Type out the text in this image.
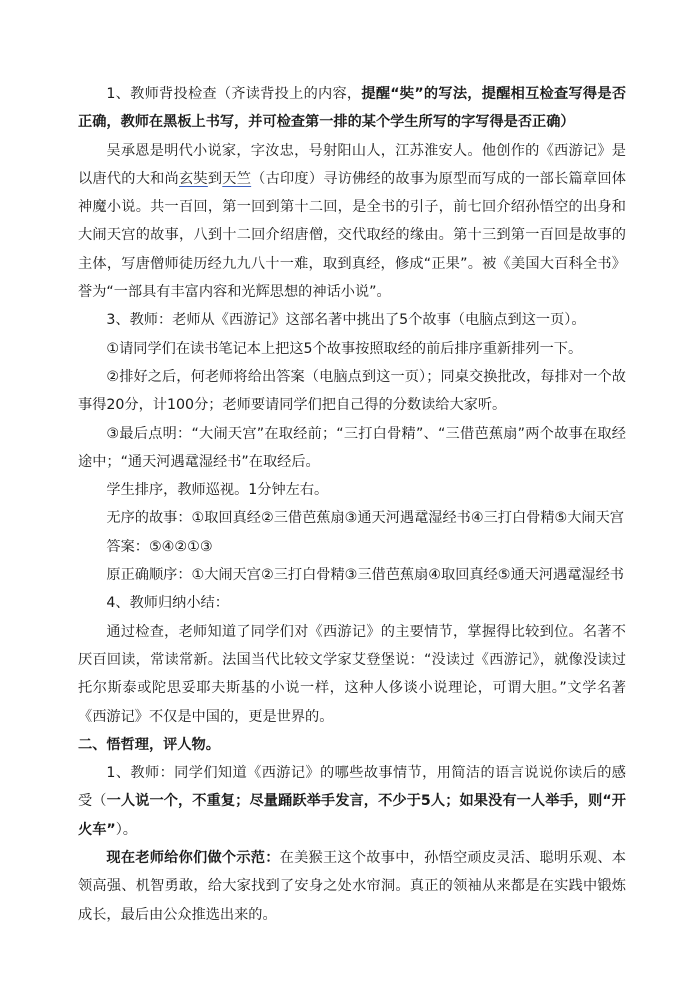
1、教师背投检查（齐读背投上的内容，提醒“奘”的写法，提醒相互检查写得是否正确，教师在黑板上书写，并可检查第一排的某个学生所写的字写得是否正确）

吴承恩是明代小说家，字汝忠，号射阳山人，江苏淮安人。他创作的《西游记》是以唐代的大和尚玄奘到天竺（古印度）寻访佛经的故事为原型而写成的一部长篇章回体神魔小说。共一百回，第一回到第十二回，是全书的引子，前七回介绍孙悟空的出身和大闹天宫的故事，八到十二回介绍唐僧，交代取经的缘由。第十三到第一百回是故事的主体，写唐僧师徒历经九九八十一难，取到真经，修成“正果”。被《美国大百科全书》誉为“一部具有丰富内容和光辉思想的神话小说”。

3、教师：老师从《西游记》这部名著中挑出了5个故事（电脑点到这一页）。

①请同学们在读书笔记本上把这5个故事按照取经的前后排序重新排列一下。

②排好之后，何老师将给出答案（电脑点到这一页）；同桌交换批改，每排对一个故事得20分，计100分；老师要请同学们把自己得的分数读给大家听。

③最后点明：“大闹天宫”在取经前；“三打白骨精”、“三借芭蕉扇”两个故事在取经途中；“通天河遇鼋湿经书”在取经后。

学生排序，教师巡视。1分钟左右。

无序的故事：①取回真经②三借芭蕉扇③通天河遇鼋湿经书④三打白骨精⑤大闹天宫

答案：⑤④②①③

原正确顺序：①大闹天宫②三打白骨精③三借芭蕉扇④取回真经⑤通天河遇鼋湿经书

4、教师归纳小结：

通过检查，老师知道了同学们对《西游记》的主要情节，掌握得比较到位。名著不厌百回读，常读常新。法国当代比较文学家艾登堡说：“没读过《西游记》，就像没读过托尔斯泰或陀思妥耶夫斯基的小说一样，这种人侈谈小说理论，可谓大胆。”文学名著《西游记》不仅是中国的，更是世界的。

二、悟哲理，评人物。

1、教师：同学们知道《西游记》的哪些故事情节，用简洁的语言说说你读后的感受（一人说一个，不重复；尽量踊跃举手发言，不少于5人；如果没有一人举手，则“开火车”）。

现在老师给你们做个示范：在美猴王这个故事中，孙悟空顽皮灵活、聪明乐观、本领高强、机智勇敢，给大家找到了安身之处水帘洞。真正的领袖从来都是在实践中锻炼成长，最后由公众推选出来的。
